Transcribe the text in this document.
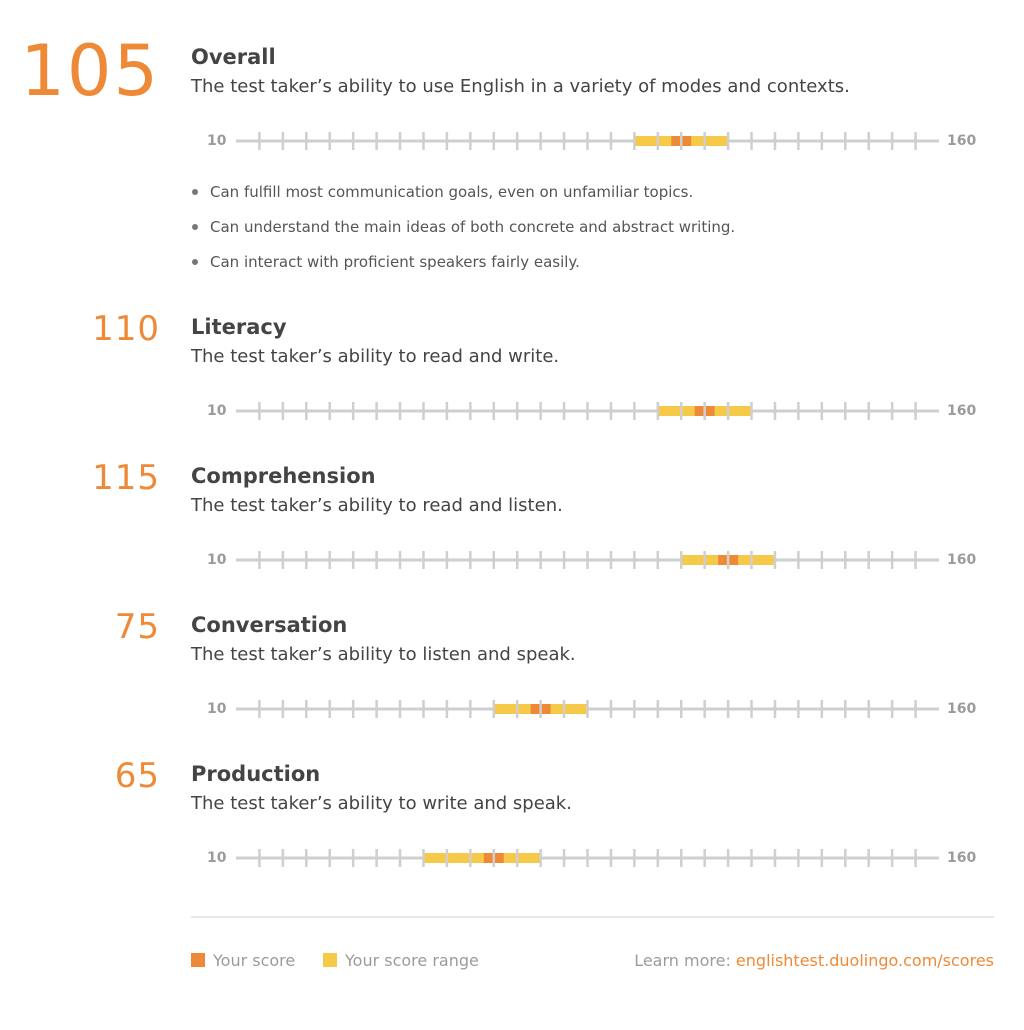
105 Overall
The test taker’s ability to use English in a variety of modes and contexts.
10	160
Can fulfill most communication goals, even on unfamiliar topics.
Can understand the main ideas of both concrete and abstract writing.
Can interact with proficient speakers fairly easily.
110 Literacy
The test taker’s ability to read and write.
10	160
115 Comprehension
The test taker’s ability to read and listen.
10	160
75 Conversation
The test taker’s ability to listen and speak.
10	160
65 Production
The test taker’s ability to write and speak.
10	160
Your score	Your score range	Learn more: englishtest.duolingo.com/scores
